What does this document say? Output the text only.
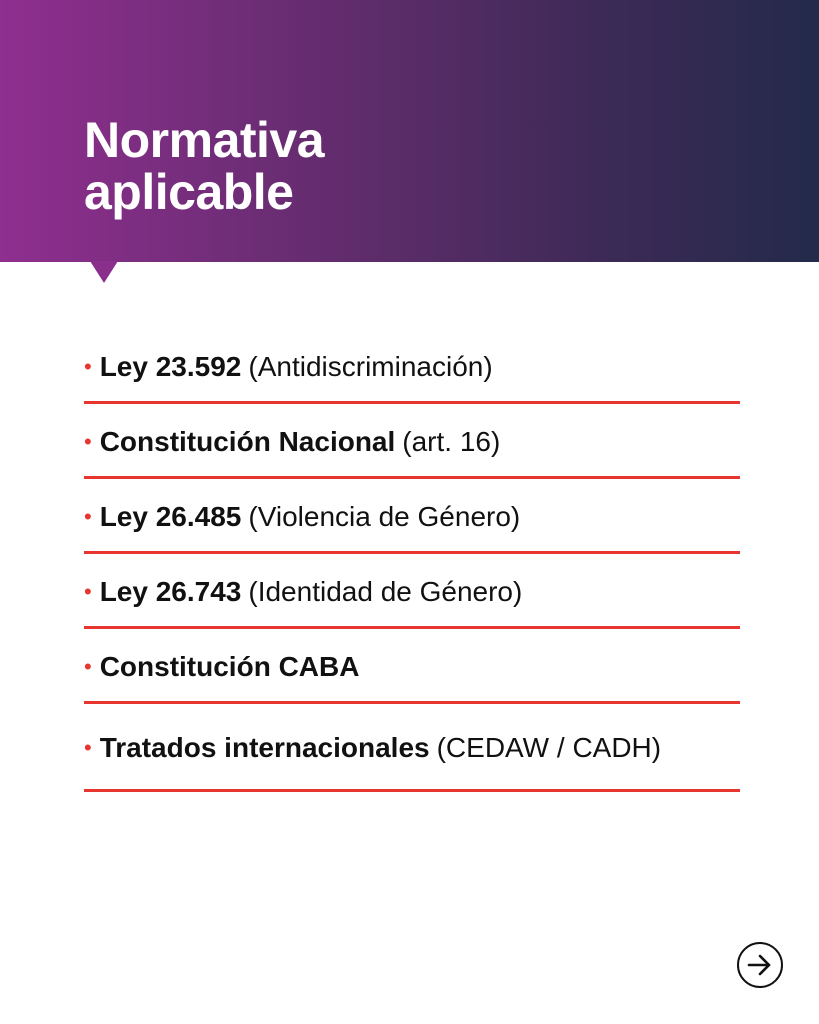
Normativa
aplicable
• Ley 23.592 (Antidiscriminación)
• Constitución Nacional (art. 16)
• Ley 26.485 (Violencia de Género)
• Ley 26.743 (Identidad de Género)
• Constitución CABA
• Tratados internacionales (CEDAW / CADH)
